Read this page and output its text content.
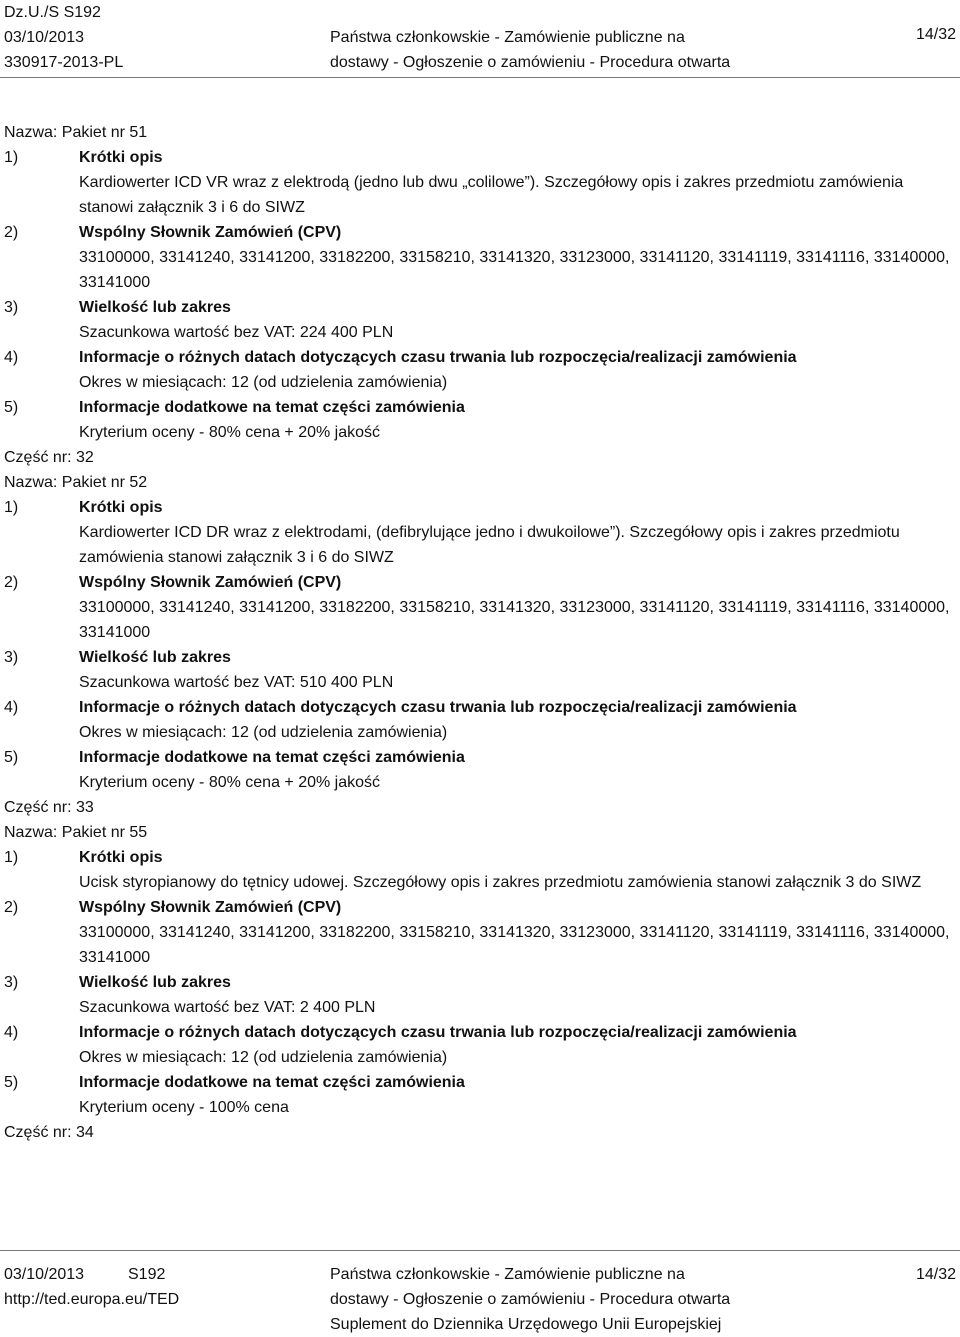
Dz.U./S S192
03/10/2013
330917-2013-PL
Państwa członkowskie - Zamówienie publiczne na
dostawy - Ogłoszenie o zamówieniu - Procedura otwarta
14/32
Nazwa: Pakiet nr 51
1)	Krótki opis
Kardiowerter ICD VR wraz z elektrodą (jedno lub dwu „colilowe”). Szczegółowy opis i zakres przedmiotu zamówienia stanowi załącznik 3 i 6 do SIWZ
2)	Wspólny Słownik Zamówień (CPV)
33100000, 33141240, 33141200, 33182200, 33158210, 33141320, 33123000, 33141120, 33141119, 33141116, 33140000, 33141000
3)	Wielkość lub zakres
Szacunkowa wartość bez VAT: 224 400 PLN
4)	Informacje o różnych datach dotyczących czasu trwania lub rozpoczęcia/realizacji zamówienia
Okres w miesiącach: 12 (od udzielenia zamówienia)
5)	Informacje dodatkowe na temat części zamówienia
Kryterium oceny - 80% cena + 20% jakość
Część nr: 32
Nazwa: Pakiet nr 52
1)	Krótki opis
Kardiowerter ICD DR wraz z elektrodami, (defibrylujące jedno i dwukoilowe”). Szczegółowy opis i zakres przedmiotu zamówienia stanowi załącznik 3 i 6 do SIWZ
2)	Wspólny Słownik Zamówień (CPV)
33100000, 33141240, 33141200, 33182200, 33158210, 33141320, 33123000, 33141120, 33141119, 33141116, 33140000, 33141000
3)	Wielkość lub zakres
Szacunkowa wartość bez VAT: 510 400 PLN
4)	Informacje o różnych datach dotyczących czasu trwania lub rozpoczęcia/realizacji zamówienia
Okres w miesiącach: 12 (od udzielenia zamówienia)
5)	Informacje dodatkowe na temat części zamówienia
Kryterium oceny - 80% cena + 20% jakość
Część nr: 33
Nazwa: Pakiet nr 55
1)	Krótki opis
Ucisk styropianowy do tętnicy udowej. Szczegółowy opis i zakres przedmiotu zamówienia stanowi załącznik 3 do SIWZ
2)	Wspólny Słownik Zamówień (CPV)
33100000, 33141240, 33141200, 33182200, 33158210, 33141320, 33123000, 33141120, 33141119, 33141116, 33140000, 33141000
3)	Wielkość lub zakres
Szacunkowa wartość bez VAT: 2 400 PLN
4)	Informacje o różnych datach dotyczących czasu trwania lub rozpoczęcia/realizacji zamówienia
Okres w miesiącach: 12 (od udzielenia zamówienia)
5)	Informacje dodatkowe na temat części zamówienia
Kryterium oceny - 100% cena
Część nr: 34
03/10/2013	S192
http://ted.europa.eu/TED
Państwa członkowskie - Zamówienie publiczne na
dostawy - Ogłoszenie o zamówieniu - Procedura otwarta
Suplement do Dziennika Urzędowego Unii Europejskiej
14/32
